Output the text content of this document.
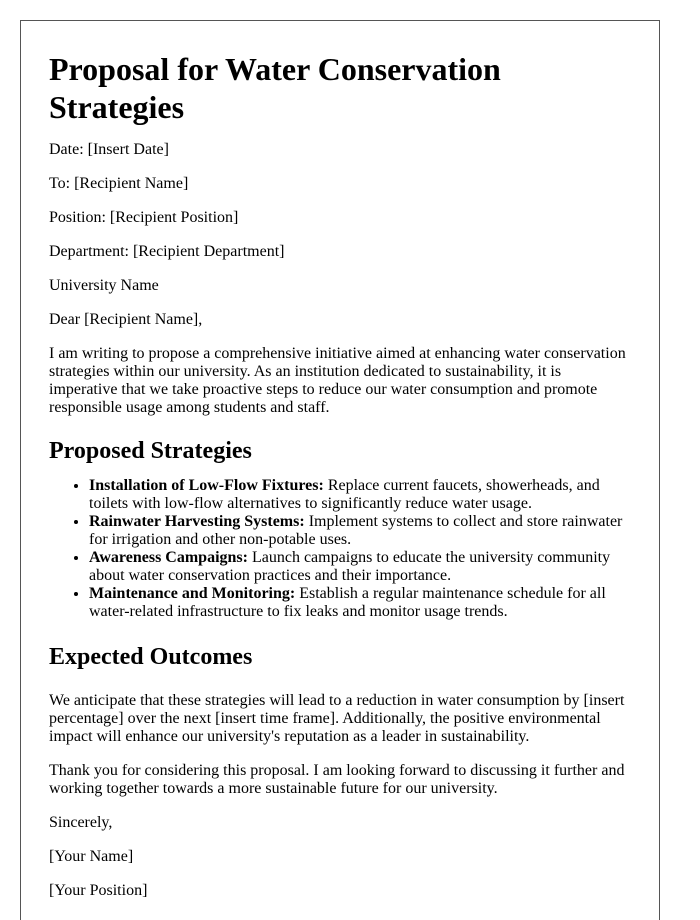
Proposal for Water Conservation Strategies

Date: [Insert Date]

To: [Recipient Name]

Position: [Recipient Position]

Department: [Recipient Department]

University Name

Dear [Recipient Name],

I am writing to propose a comprehensive initiative aimed at enhancing water conservation strategies within our university. As an institution dedicated to sustainability, it is imperative that we take proactive steps to reduce our water consumption and promote responsible usage among students and staff.

Proposed Strategies
• Installation of Low-Flow Fixtures: Replace current faucets, showerheads, and toilets with low-flow alternatives to significantly reduce water usage.
• Rainwater Harvesting Systems: Implement systems to collect and store rainwater for irrigation and other non-potable uses.
• Awareness Campaigns: Launch campaigns to educate the university community about water conservation practices and their importance.
• Maintenance and Monitoring: Establish a regular maintenance schedule for all water-related infrastructure to fix leaks and monitor usage trends.
Expected Outcomes

We anticipate that these strategies will lead to a reduction in water consumption by [insert percentage] over the next [insert time frame]. Additionally, the positive environmental impact will enhance our university's reputation as a leader in sustainability.

Thank you for considering this proposal. I am looking forward to discussing it further and working together towards a more sustainable future for our university.

Sincerely,

[Your Name]

[Your Position]
